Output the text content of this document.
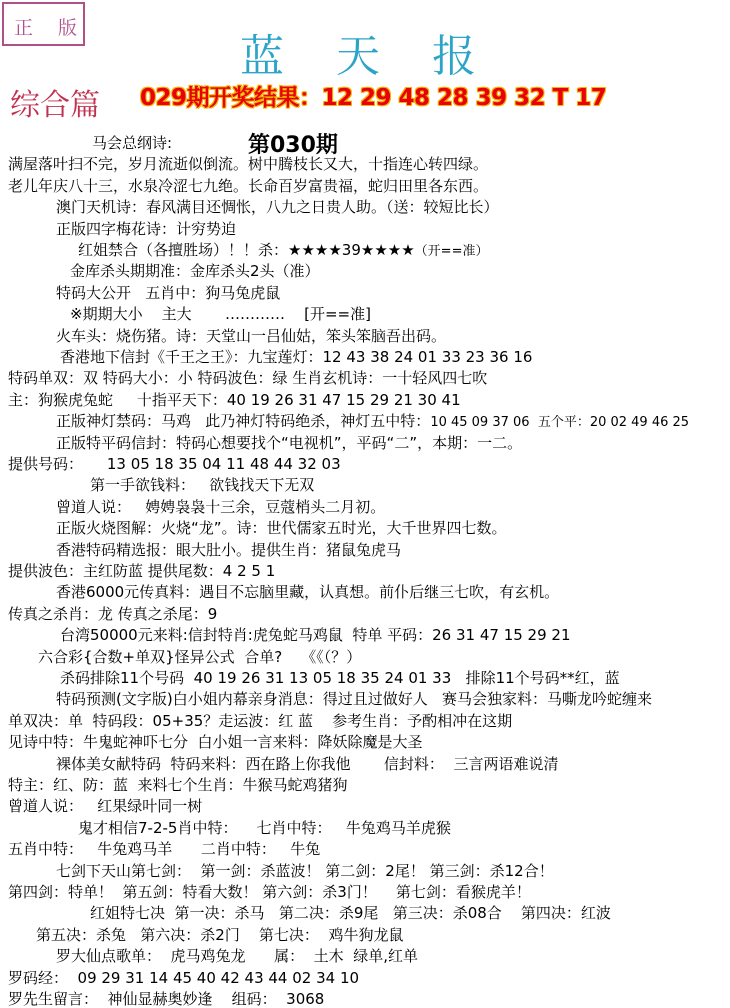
正 版
蓝天报
综合篇 029期开奖结果：12 29 48 28 39 32 T 17
第030期
马会总纲诗:
满屋落叶扫不完，岁月流逝似倒流。树中腾枝长又大，十指连心转四绿。
老儿年庆八十三，水泉冷涩七九绝。长命百岁富贵福，蛇归田里各东西。
澳门天机诗：春风满目还惆怅，八九之日贵人助。（送：较短比长）
正版四字梅花诗：计穷势迫
红姐禁合（各擅胜场）！！杀：★★★★39★★★★（开==准）
金库杀头期期准：金库杀头2头（准）
特码大公开   五肖中：狗马兔虎鼠
※期期大小    主大       …………    [开==准]
火车头：烧伤猪。诗：天堂山一吕仙姑，笨头笨脑吾出码。
香港地下信封《千王之王》：九宝莲灯：12 43 38 24 01 33 23 36 16
特码单双：双 特码大小：小 特码波色：绿 生肖玄机诗：一十轻风四七吹
主：狗猴虎兔蛇     十指平天下：40 19 26 31 47 15 29 21 30 41
正版神灯禁码：马鸡   此乃神灯特码绝杀，神灯五中特：10 45 09 37 06  五个平：20 02 49 46 25
正版特平码信封：特码心想要找个“电视机”，平码“二”，本期：一二。
提供号码：     13 05 18 35 04 11 48 44 32 03
第一手欲钱料：   欲钱找天下无双
曾道人说：   娉娉袅袅十三余，豆蔻梢头二月初。
正版火烧图解：火烧“龙”。诗：世代儒家五时光，大千世界四七数。
香港特码精选报：眼大肚小。提供生肖：猪鼠兔虎马
提供波色：主红防蓝 提供尾数：4 2 5 1
香港6000元传真料：遇目不忘脑里藏，认真想。前仆后继三七吹，有玄机。
传真之杀肖：龙 传真之杀尾：9
台湾50000元来料:信封特肖:虎兔蛇马鸡鼠  特单 平码：26 31 47 15 29 21
六合彩{合数+单双}怪异公式  合单?    《《（？）
杀码排除11个号码  40 19 26 31 13 05 18 35 24 01 33   排除11个号码**红，蓝
特码预测(文字版)白小姐内幕亲身消息：得过且过做好人   赛马会独家料：马嘶龙吟蛇缠来
单双决：单  特码段：05+35？走运波：红 蓝    参考生肖：予酌相冲在这期
见诗中特：牛鬼蛇神吓七分  白小姐一言来料：降妖除魔是大圣
裸体美女献特码  特码来料：西在路上你我他       信封料：  三言两语难说清
特主：红、防：蓝  来料七个生肖：牛猴马蛇鸡猪狗
曾道人说：   红果绿叶同一树
鬼才相信7-2-5肖中特：    七肖中特：   牛兔鸡马羊虎猴
五肖中特：   牛兔鸡马羊      二肖中特：   牛兔
七剑下天山第七剑：  第一剑：杀蓝波！ 第二剑：2尾！ 第三剑：杀12合！
第四剑：特单！  第五剑：特看大数！ 第六剑：杀3门！    第七剑：看猴虎羊！
红姐特七决  第一决：杀马   第二决：杀9尾   第三决：杀08合    第四决：红波
第五决：杀兔   第六决：杀2门    第七决：  鸡牛狗龙鼠
罗大仙点歌单：  虎马鸡兔龙      属：  土木  绿单,红单
罗码经：  09 29 31 14 45 40 42 43 44 02 34 10
罗先生留言：  神仙显赫奥妙逢    组码：  3068
